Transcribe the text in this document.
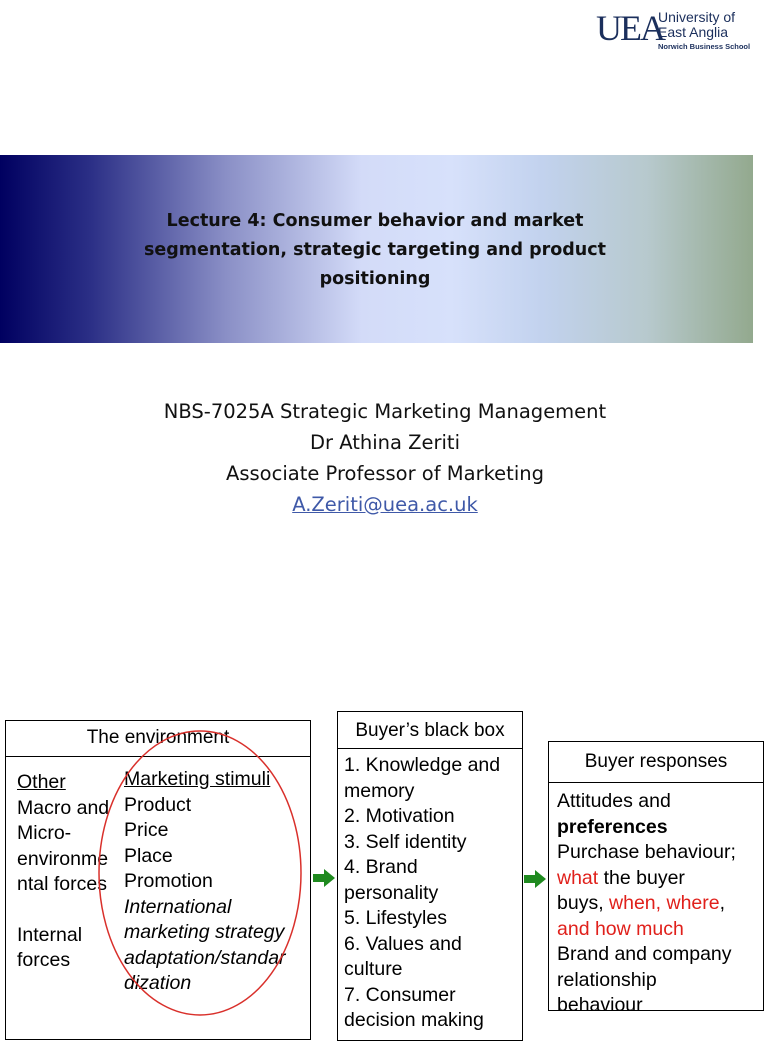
UEA
University of
East Anglia
Norwich Business School
Lecture 4: Consumer behavior and market segmentation, strategic targeting and product positioning
NBS-7025A Strategic Marketing Management
Dr Athina Zeriti
Associate Professor of Marketing
A.Zeriti@uea.ac.uk
The environment
Other
Macro and
Micro-
environme
ntal forces
Internal
forces
Marketing stimuli
Product
Price
Place
Promotion
International
marketing strategy
adaptation/standar
dization
Buyer’s black box
1. Knowledge and
memory
2. Motivation
3. Self identity
4. Brand
personality
5. Lifestyles
6. Values and
culture
7. Consumer
decision making
Buyer responses
Attitudes and
preferences
Purchase behaviour;
what the buyer
buys, when, where,
and how much
Brand and company
relationship
behaviour
